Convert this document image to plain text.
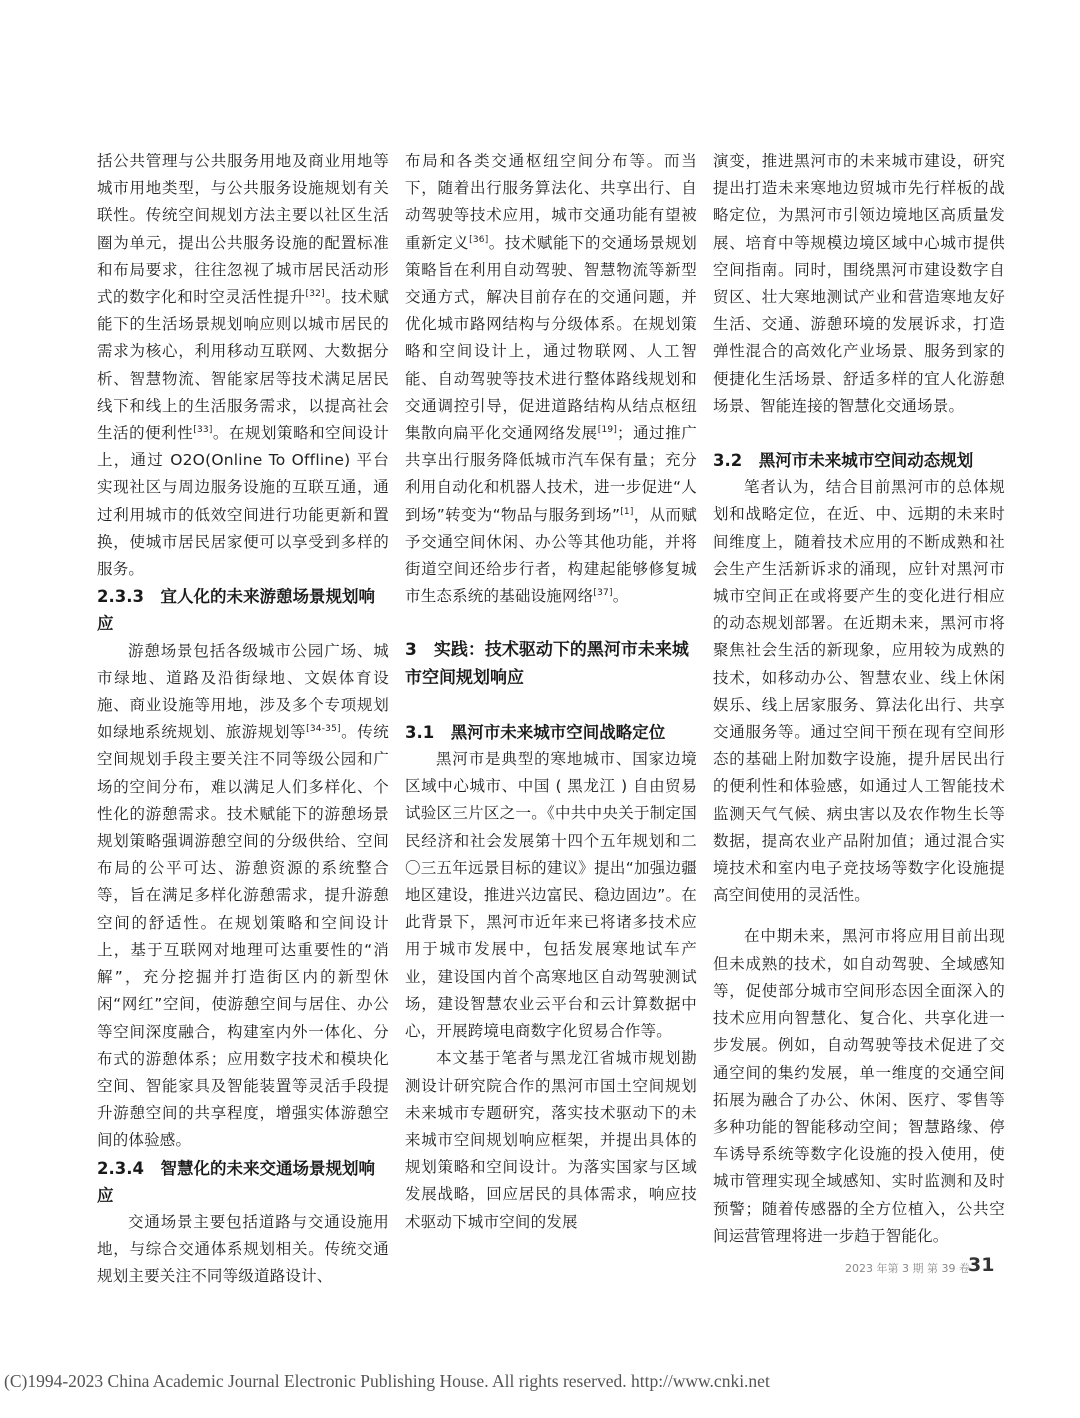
括公共管理与公共服务用地及商业用地等城市用地类型，与公共服务设施规划有关联性。传统空间规划方法主要以社区生活圈为单元，提出公共服务设施的配置标准和布局要求，往往忽视了城市居民活动形式的数字化和时空灵活性提升[32]。技术赋能下的生活场景规划响应则以城市居民的需求为核心，利用移动互联网、大数据分析、智慧物流、智能家居等技术满足居民线下和线上的生活服务需求，以提高社会生活的便利性[33]。在规划策略和空间设计上，通过 O2O(Online To Offline) 平台实现社区与周边服务设施的互联互通，通过利用城市的低效空间进行功能更新和置换，使城市居民居家便可以享受到多样的服务。

2.3.3　宜人化的未来游憩场景规划响应

游憩场景包括各级城市公园广场、城市绿地、道路及沿街绿地、文娱体育设施、商业设施等用地，涉及多个专项规划如绿地系统规划、旅游规划等[34-35]。传统空间规划手段主要关注不同等级公园和广场的空间分布，难以满足人们多样化、个性化的游憩需求。技术赋能下的游憩场景规划策略强调游憩空间的分级供给、空间布局的公平可达、游憩资源的系统整合等，旨在满足多样化游憩需求，提升游憩空间的舒适性。在规划策略和空间设计上，基于互联网对地理可达重要性的“消解”，充分挖掘并打造街区内的新型休闲“网红”空间，使游憩空间与居住、办公等空间深度融合，构建室内外一体化、分布式的游憩体系；应用数字技术和模块化空间、智能家具及智能装置等灵活手段提升游憩空间的共享程度，增强实体游憩空间的体验感。

2.3.4　智慧化的未来交通场景规划响应

交通场景主要包括道路与交通设施用地，与综合交通体系规划相关。传统交通规划主要关注不同等级道路设计、

布局和各类交通枢纽空间分布等。而当下，随着出行服务算法化、共享出行、自动驾驶等技术应用，城市交通功能有望被重新定义[36]。技术赋能下的交通场景规划策略旨在利用自动驾驶、智慧物流等新型交通方式，解决目前存在的交通问题，并优化城市路网结构与分级体系。在规划策略和空间设计上，通过物联网、人工智能、自动驾驶等技术进行整体路线规划和交通调控引导，促进道路结构从结点枢纽集散向扁平化交通网络发展[19]；通过推广共享出行服务降低城市汽车保有量；充分利用自动化和机器人技术，进一步促进“人到场”转变为“物品与服务到场”[1]，从而赋予交通空间休闲、办公等其他功能，并将街道空间还给步行者，构建起能够修复城市生态系统的基础设施网络[37]。

3　 实践：技术驱动下的黑河市未来城市空间规划响应

3.1　黑河市未来城市空间战略定位

黑河市是典型的寒地城市、国家边境区域中心城市、中国 ( 黑龙江 ) 自由贸易试验区三片区之一。《中共中央关于制定国民经济和社会发展第十四个五年规划和二〇三五年远景目标的建议》提出“加强边疆地区建设，推进兴边富民、稳边固边”。在此背景下，黑河市近年来已将诸多技术应用于城市发展中，包括发展寒地试车产业，建设国内首个高寒地区自动驾驶测试场，建设智慧农业云平台和云计算数据中心，开展跨境电商数字化贸易合作等。

本文基于笔者与黑龙江省城市规划勘测设计研究院合作的黑河市国土空间规划未来城市专题研究，落实技术驱动下的未来城市空间规划响应框架，并提出具体的规划策略和空间设计。为落实国家与区域发展战略，回应居民的具体需求，响应技术驱动下城市空间的发展

演变，推进黑河市的未来城市建设，研究提出打造未来寒地边贸城市先行样板的战略定位，为黑河市引领边境地区高质量发展、培育中等规模边境区域中心城市提供空间指南。同时，围绕黑河市建设数字自贸区、壮大寒地测试产业和营造寒地友好生活、交通、游憩环境的发展诉求，打造弹性混合的高效化产业场景、服务到家的便捷化生活场景、舒适多样的宜人化游憩场景、智能连接的智慧化交通场景。

3.2　黑河市未来城市空间动态规划

笔者认为，结合目前黑河市的总体规划和战略定位，在近、中、远期的未来时间维度上，随着技术应用的不断成熟和社会生产生活新诉求的涌现，应针对黑河市城市空间正在或将要产生的变化进行相应的动态规划部署。在近期未来，黑河市将聚焦社会生活的新现象，应用较为成熟的技术，如移动办公、智慧农业、线上休闲娱乐、线上居家服务、算法化出行、共享交通服务等。通过空间干预在现有空间形态的基础上附加数字设施，提升居民出行的便利性和体验感，如通过人工智能技术监测天气气候、病虫害以及农作物生长等数据，提高农业产品附加值；通过混合实境技术和室内电子竞技场等数字化设施提高空间使用的灵活性。

在中期未来，黑河市将应用目前出现但未成熟的技术，如自动驾驶、全域感知等，促使部分城市空间形态因全面深入的技术应用向智慧化、复合化、共享化进一步发展。例如，自动驾驶等技术促进了交通空间的集约发展，单一维度的交通空间拓展为融合了办公、休闲、医疗、零售等多种功能的智能移动空间；智慧路缘、停车诱导系统等数字化设施的投入使用，使城市管理实现全域感知、实时监测和及时预警；随着传感器的全方位植入，公共空间运营管理将进一步趋于智能化。

2023 年第 3 期 第 39 卷
31
(C)1994-2023 China Academic Journal Electronic Publishing House. All rights reserved. http://www.cnki.net
